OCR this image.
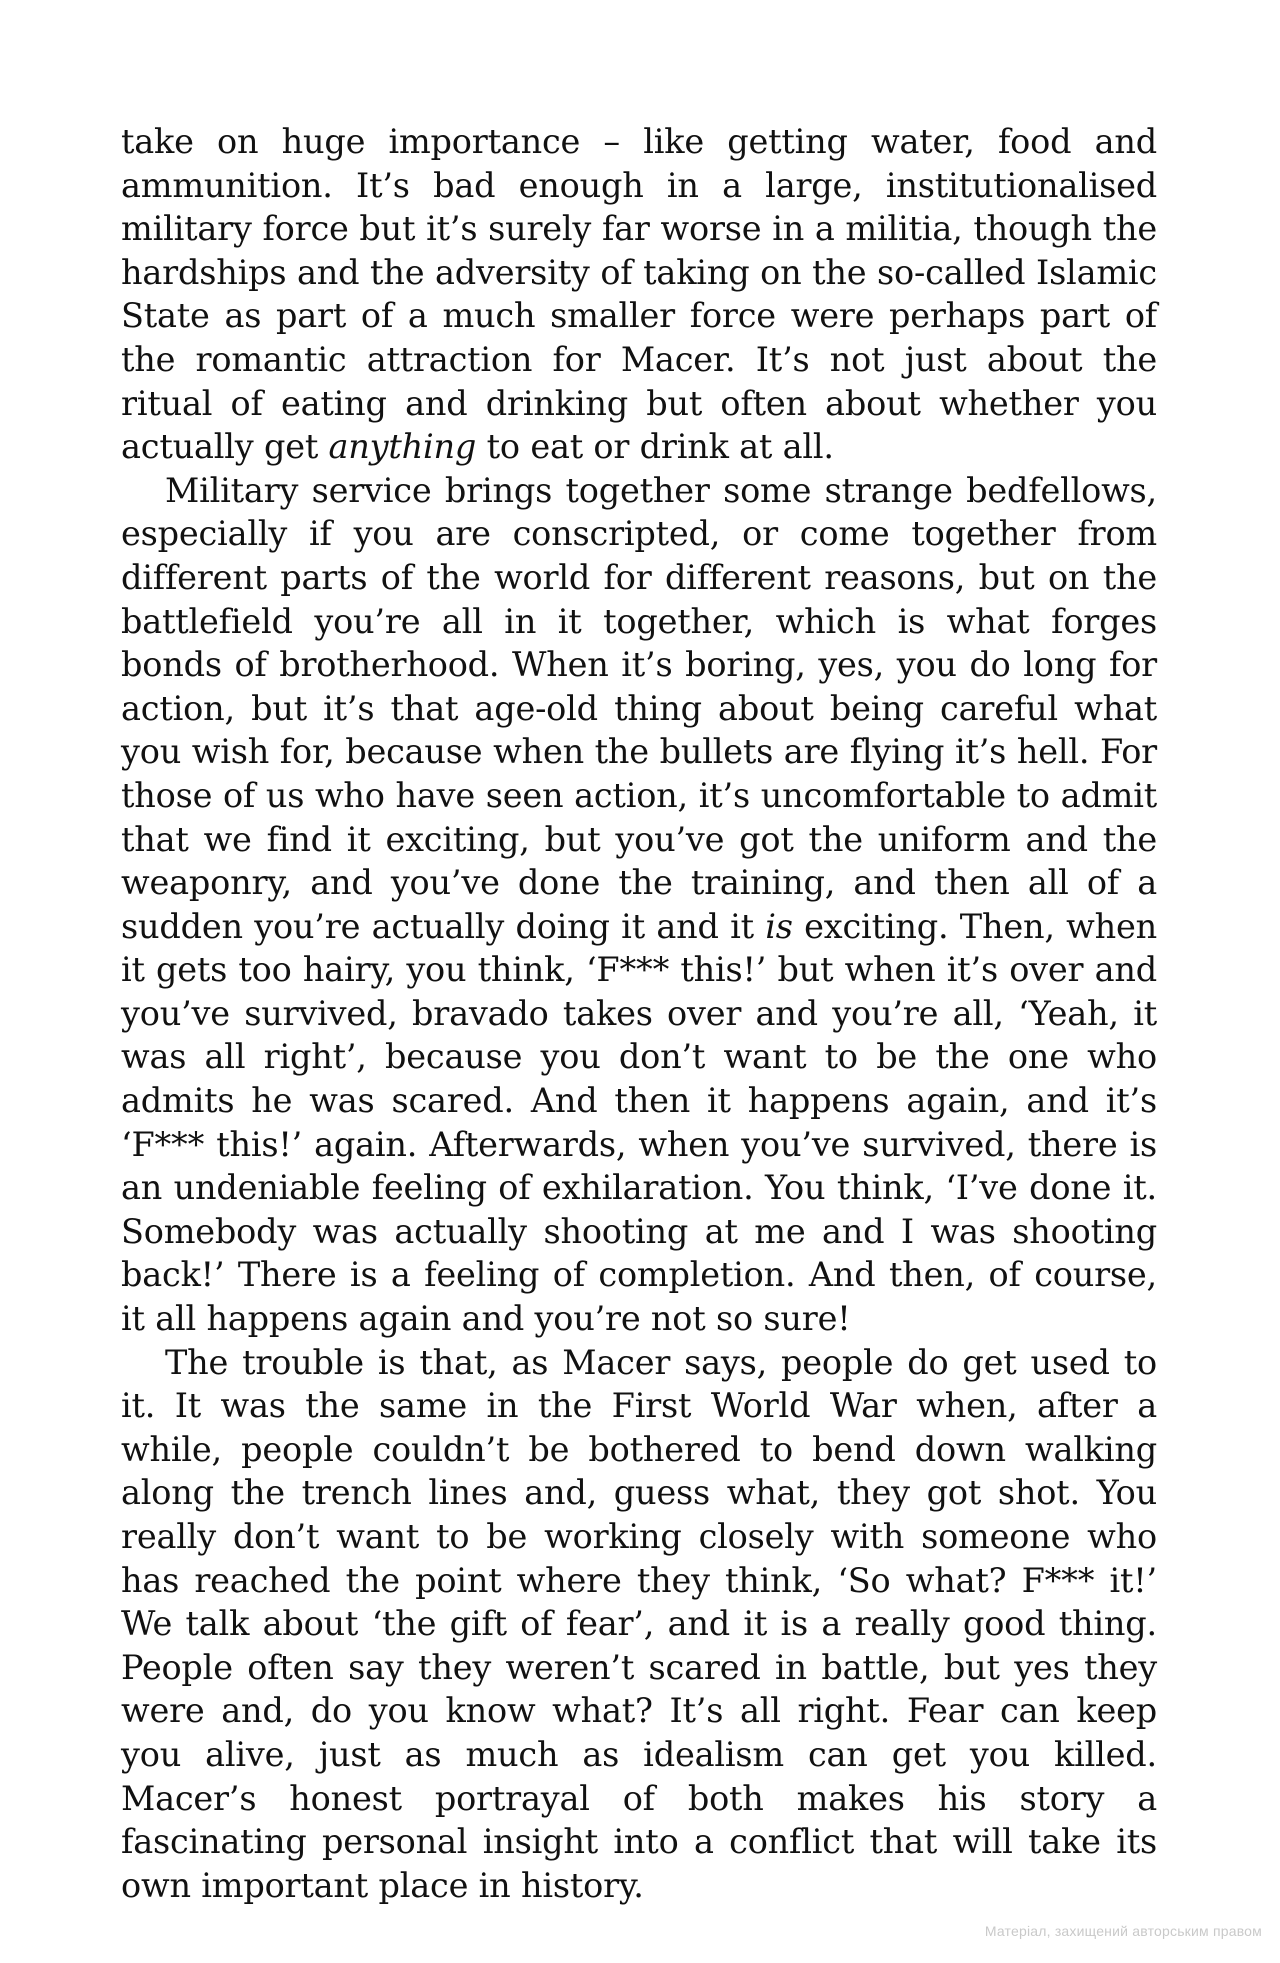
take on huge importance – like getting water, food and ammunition. It’s bad enough in a large, institutionalised military force but it’s surely far worse in a militia, though the hardships and the adversity of taking on the so-called Islamic State as part of a much smaller force were perhaps part of the romantic attraction for Macer. It’s not just about the ritual of eating and drinking but often about whether you actually get anything to eat or drink at all.

Military service brings together some strange bedfellows, especially if you are conscripted, or come together from different parts of the world for different reasons, but on the battlefield you’re all in it together, which is what forges bonds of brotherhood. When it’s boring, yes, you do long for action, but it’s that age-old thing about being careful what you wish for, because when the bullets are flying it’s hell. For those of us who have seen action, it’s uncomfortable to admit that we find it exciting, but you’ve got the uniform and the weaponry, and you’ve done the training, and then all of a sudden you’re actually doing it and it is exciting. Then, when it gets too hairy, you think, ‘F*** this!’ but when it’s over and you’ve survived, bravado takes over and you’re all, ‘Yeah, it was all right’, because you don’t want to be the one who admits he was scared. And then it happens again, and it’s ‘F*** this!’ again. Afterwards, when you’ve survived, there is an undeniable feeling of exhilaration. You think, ‘I’ve done it. Somebody was actually shooting at me and I was shooting back!’ There is a feeling of completion. And then, of course, it all happens again and you’re not so sure!

The trouble is that, as Macer says, people do get used to it. It was the same in the First World War when, after a while, people couldn’t be bothered to bend down walking along the trench lines and, guess what, they got shot. You really don’t want to be working closely with someone who has reached the point where they think, ‘So what? F*** it!’ We talk about ‘the gift of fear’, and it is a really good thing. People often say they weren’t scared in battle, but yes they were and, do you know what? It’s all right. Fear can keep you alive, just as much as idealism can get you killed. Macer’s honest portrayal of both makes his story a fascinating personal insight into a conflict that will take its own important place in history.

Матеріал, захищений авторським правом
